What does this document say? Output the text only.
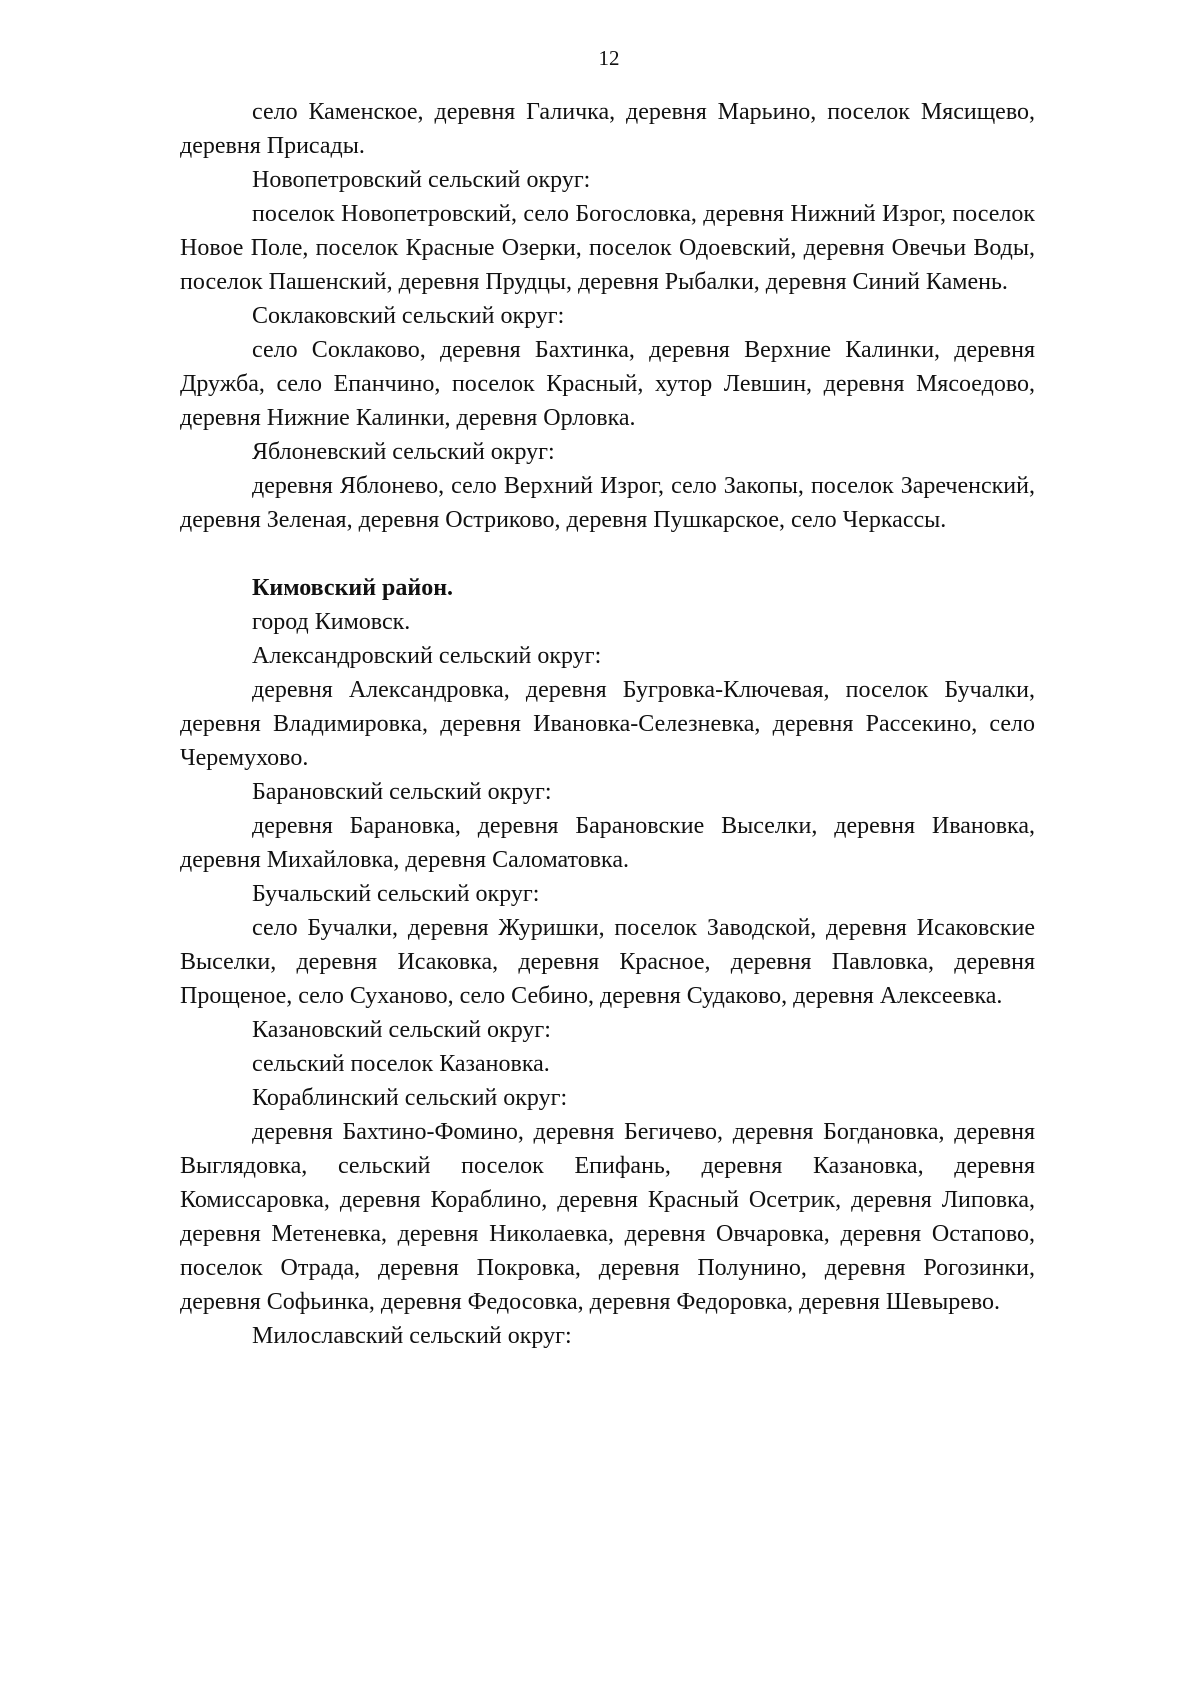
12

село Каменское, деревня Галичка, деревня Марьино, поселок Мясищево, деревня Присады.

Новопетровский сельский округ:

поселок Новопетровский, село Богословка, деревня Нижний Изрог, поселок Новое Поле, поселок Красные Озерки, поселок Одоевский, деревня Овечьи Воды, поселок Пашенский, деревня Прудцы, деревня Рыбалки, деревня Синий Камень.

Соклаковский сельский округ:

село Соклаково, деревня Бахтинка, деревня Верхние Калинки, деревня Дружба, село Епанчино, поселок Красный, хутор Левшин, деревня Мясоедово, деревня Нижние Калинки, деревня Орловка.

Яблоневский сельский округ:

деревня Яблонево, село Верхний Изрог, село Закопы, поселок Зареченский, деревня Зеленая, деревня Остриково, деревня Пушкарское, село Черкассы.

Кимовский район.

город Кимовск.

Александровский сельский округ:

деревня Александровка, деревня Бугровка-Ключевая, поселок Бучалки, деревня Владимировка, деревня Ивановка-Селезневка, деревня Рассекино, село Черемухово.

Барановский сельский округ:

деревня Барановка, деревня Барановские Выселки, деревня Ивановка, деревня Михайловка, деревня Саломатовка.

Бучальский сельский округ:

село Бучалки, деревня Журишки, поселок Заводской, деревня Исаковские Выселки, деревня Исаковка, деревня Красное, деревня Павловка, деревня Прощеное, село Суханово, село Себино, деревня Судаково, деревня Алексеевка.

Казановский сельский округ:

сельский поселок Казановка.

Кораблинский сельский округ:

деревня Бахтино-Фомино, деревня Бегичево, деревня Богдановка, деревня Выглядовка, сельский поселок Епифань, деревня Казановка, деревня Комиссаровка, деревня Кораблино, деревня Красный Осетрик, деревня Липовка, деревня Метеневка, деревня Николаевка, деревня Овчаровка, деревня Остапово, поселок Отрада, деревня Покровка, деревня Полунино, деревня Рогозинки, деревня Софьинка, деревня Федосовка, деревня Федоровка, деревня Шевырево.

Милославский сельский округ:
